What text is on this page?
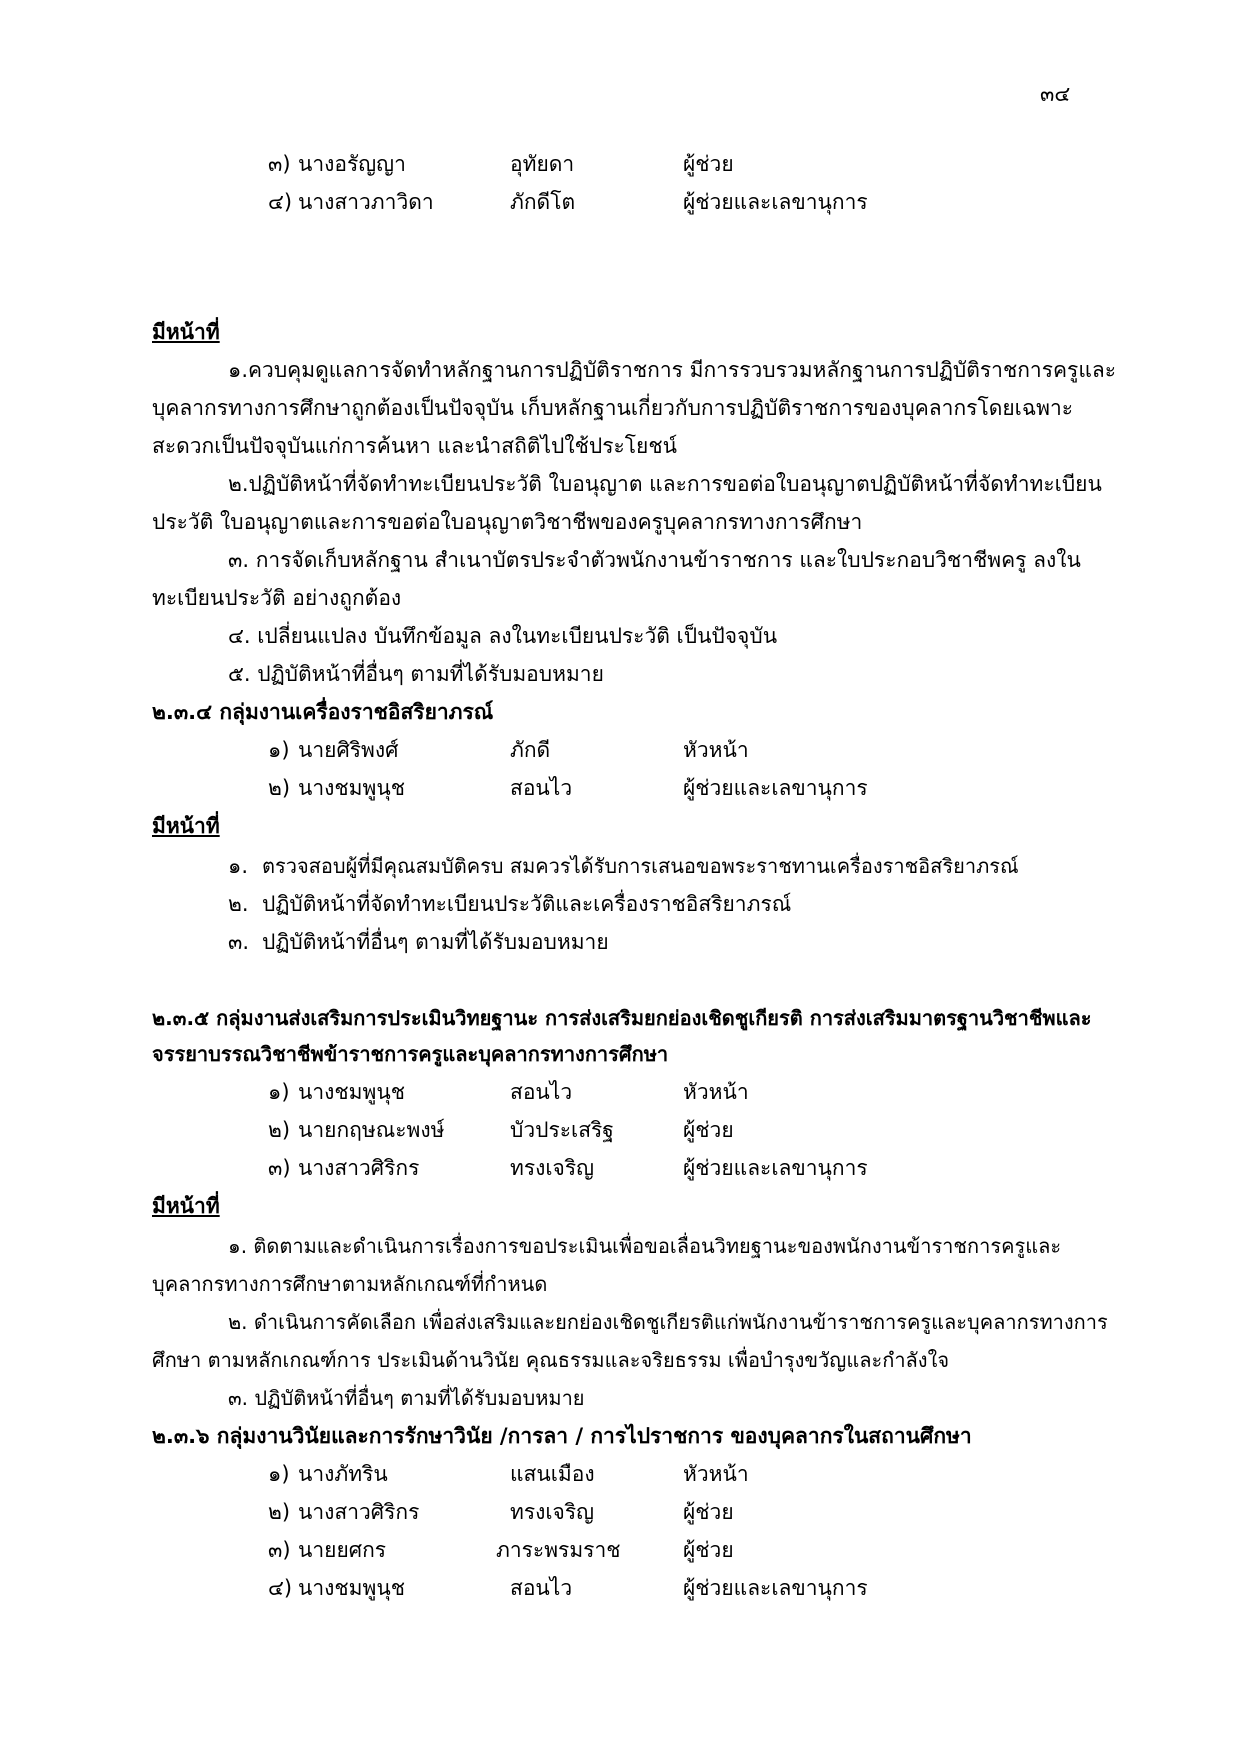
๓๔
๓) นางอรัญญา	อุทัยดา	ผู้ช่วย
๔) นางสาวภาวิดา	ภักดีโต	ผู้ช่วยและเลขานุการ
มีหน้าที่
๑.ควบคุมดูแลการจัดทำหลักฐานการปฏิบัติราชการ มีการรวบรวมหลักฐานการปฏิบัติราชการครูและ
บุคลากรทางการศึกษาถูกต้องเป็นปัจจุบัน เก็บหลักฐานเกี่ยวกับการปฏิบัติราชการของบุคลากรโดยเฉพาะ
สะดวกเป็นปัจจุบันแก่การค้นหา และนำสถิติไปใช้ประโยชน์
๒.ปฏิบัติหน้าที่จัดทำทะเบียนประวัติ ใบอนุญาต และการขอต่อใบอนุญาตปฏิบัติหน้าที่จัดทำทะเบียน
ประวัติ ใบอนุญาตและการขอต่อใบอนุญาตวิชาชีพของครูบุคลากรทางการศึกษา
๓. การจัดเก็บหลักฐาน สำเนาบัตรประจำตัวพนักงานข้าราชการ และใบประกอบวิชาชีพครู ลงใน
ทะเบียนประวัติ อย่างถูกต้อง
๔. เปลี่ยนแปลง บันทึกข้อมูล ลงในทะเบียนประวัติ เป็นปัจจุบัน
๕. ปฏิบัติหน้าที่อื่นๆ ตามที่ได้รับมอบหมาย
๒.๓.๔ กลุ่มงานเครื่องราชอิสริยาภรณ์
๑) นายศิริพงศ์	ภักดี	หัวหน้า
๒) นางชมพูนุช	สอนไว	ผู้ช่วยและเลขานุการ
มีหน้าที่
๑. ตรวจสอบผู้ที่มีคุณสมบัติครบ สมควรได้รับการเสนอขอพระราชทานเครื่องราชอิสริยาภรณ์
๒. ปฏิบัติหน้าที่จัดทำทะเบียนประวัติและเครื่องราชอิสริยาภรณ์
๓. ปฏิบัติหน้าที่อื่นๆ ตามที่ได้รับมอบหมาย
๒.๓.๕ กลุ่มงานส่งเสริมการประเมินวิทยฐานะ การส่งเสริมยกย่องเชิดชูเกียรติ การส่งเสริมมาตรฐานวิชาชีพและ
จรรยาบรรณวิชาชีพข้าราชการครูและบุคลากรทางการศึกษา
๑) นางชมพูนุช	สอนไว	หัวหน้า
๒) นายกฤษณะพงษ์	บัวประเสริฐ	ผู้ช่วย
๓) นางสาวศิริกร	ทรงเจริญ	ผู้ช่วยและเลขานุการ
มีหน้าที่
๑. ติดตามและดำเนินการเรื่องการขอประเมินเพื่อขอเลื่อนวิทยฐานะของพนักงานข้าราชการครูและ
บุคลากรทางการศึกษาตามหลักเกณฑ์ที่กำหนด
๒. ดำเนินการคัดเลือก เพื่อส่งเสริมและยกย่องเชิดชูเกียรติแก่พนักงานข้าราชการครูและบุคลากรทางการ
ศึกษา ตามหลักเกณฑ์การ ประเมินด้านวินัย คุณธรรมและจริยธรรม เพื่อบำรุงขวัญและกำลังใจ
๓. ปฏิบัติหน้าที่อื่นๆ ตามที่ได้รับมอบหมาย
๒.๓.๖ กลุ่มงานวินัยและการรักษาวินัย /การลา / การไปราชการ ของบุคลากรในสถานศึกษา
๑) นางภัทริน	แสนเมือง	หัวหน้า
๒) นางสาวศิริกร	ทรงเจริญ	ผู้ช่วย
๓) นายยศกร	ภาระพรมราช	ผู้ช่วย
๔) นางชมพูนุช	สอนไว	ผู้ช่วยและเลขานุการ
